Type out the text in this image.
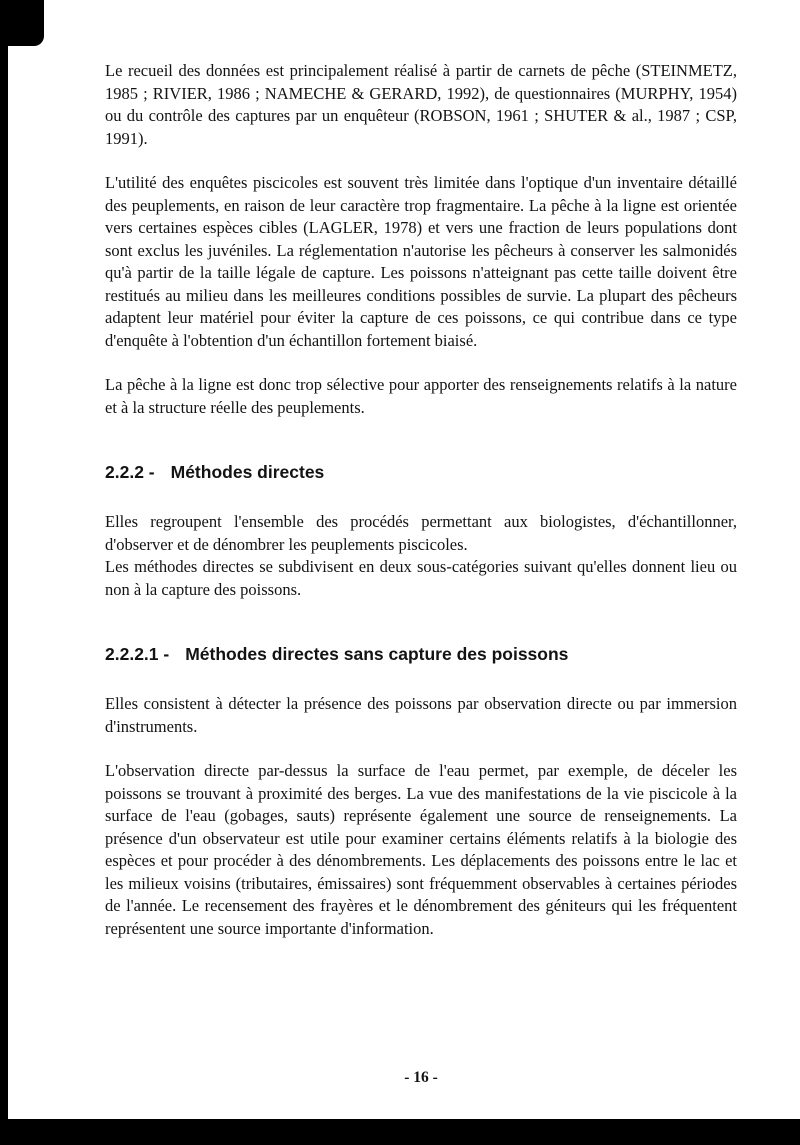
Le recueil des données est principalement réalisé à partir de carnets de pêche (STEINMETZ, 1985 ; RIVIER, 1986 ; NAMECHE & GERARD, 1992), de questionnaires (MURPHY, 1954) ou du contrôle des captures par un enquêteur (ROBSON, 1961 ; SHUTER & al., 1987 ; CSP, 1991).

L'utilité des enquêtes piscicoles est souvent très limitée dans l'optique d'un inventaire détaillé des peuplements, en raison de leur caractère trop fragmentaire. La pêche à la ligne est orientée vers certaines espèces cibles (LAGLER, 1978) et vers une fraction de leurs populations dont sont exclus les juvéniles. La réglementation n'autorise les pêcheurs à conserver les salmonidés qu'à partir de la taille légale de capture. Les poissons n'atteignant pas cette taille doivent être restitués au milieu dans les meilleures conditions possibles de survie. La plupart des pêcheurs adaptent leur matériel pour éviter la capture de ces poissons, ce qui contribue dans ce type d'enquête à l'obtention d'un échantillon fortement biaisé.

La pêche à la ligne est donc trop sélective pour apporter des renseignements relatifs à la nature et à la structure réelle des peuplements.

2.2.2 - Méthodes directes

Elles regroupent l'ensemble des procédés permettant aux biologistes, d'échantillonner, d'observer et de dénombrer les peuplements piscicoles.

Les méthodes directes se subdivisent en deux sous-catégories suivant qu'elles donnent lieu ou non à la capture des poissons.

2.2.2.1 - Méthodes directes sans capture des poissons

Elles consistent à détecter la présence des poissons par observation directe ou par immersion d'instruments.

L'observation directe par-dessus la surface de l'eau permet, par exemple, de déceler les poissons se trouvant à proximité des berges. La vue des manifestations de la vie piscicole à la surface de l'eau (gobages, sauts) représente également une source de renseignements. La présence d'un observateur est utile pour examiner certains éléments relatifs à la biologie des espèces et pour procéder à des dénombrements. Les déplacements des poissons entre le lac et les milieux voisins (tributaires, émissaires) sont fréquemment observables à certaines périodes de l'année. Le recensement des frayères et le dénombrement des géniteurs qui les fréquentent représentent une source importante d'information.

- 16 -
